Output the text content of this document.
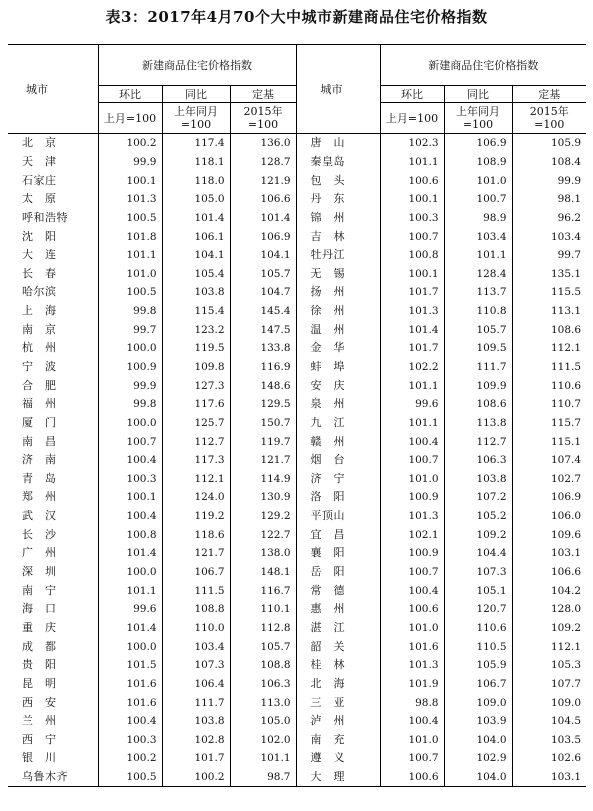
表3：2017年4月70个大中城市新建商品住宅价格指数
城市	新建商品住宅价格指数			城市	新建商品住宅价格指数		
	环比	同比	定基		环比	同比	定基
	上月=100	上年同月=100	2015年=100		上月=100	上年同月=100	2015年=100
北　京	100.2	117.4	136.0	唐　山	102.3	106.9	105.9
天　津	99.9	118.1	128.7	秦皇岛	101.1	108.9	108.4
石家庄	100.1	118.0	121.9	包　头	100.6	101.0	99.9
太　原	101.3	105.0	106.6	丹　东	100.1	100.7	98.1
呼和浩特	100.5	101.4	101.4	锦　州	100.3	98.9	96.2
沈　阳	101.8	106.1	106.9	吉　林	100.7	103.4	103.4
大　连	101.1	104.1	104.1	牡丹江	100.8	101.1	99.7
长　春	101.0	105.4	105.7	无　锡	100.1	128.4	135.1
哈尔滨	100.5	103.8	104.7	扬　州	101.7	113.7	115.5
上　海	99.8	115.4	145.4	徐　州	101.3	110.8	113.1
南　京	99.7	123.2	147.5	温　州	101.4	105.7	108.6
杭　州	100.0	119.5	133.8	金　华	101.7	109.5	112.1
宁　波	100.9	109.8	116.9	蚌　埠	102.2	111.7	111.5
合　肥	99.9	127.3	148.6	安　庆	101.1	109.9	110.6
福　州	99.8	117.6	129.5	泉　州	99.6	108.6	110.7
厦　门	100.0	125.7	150.7	九　江	101.1	113.8	115.7
南　昌	100.7	112.7	119.7	赣　州	100.4	112.7	115.1
济　南	100.4	117.3	121.7	烟　台	100.7	106.3	107.4
青　岛	100.3	112.1	114.9	济　宁	101.0	103.8	102.7
郑　州	100.1	124.0	130.9	洛　阳	100.9	107.2	106.9
武　汉	100.4	119.2	129.2	平顶山	101.3	105.2	106.0
长　沙	100.8	118.6	122.7	宜　昌	102.1	109.2	109.6
广　州	101.4	121.7	138.0	襄　阳	100.9	104.4	103.1
深　圳	100.0	106.7	148.1	岳　阳	100.7	107.3	106.6
南　宁	101.1	111.5	116.7	常　德	100.4	105.1	104.2
海　口	99.6	108.8	110.1	惠　州	100.6	120.7	128.0
重　庆	101.4	110.0	112.8	湛　江	101.0	110.6	109.2
成　都	100.0	103.4	105.7	韶　关	101.6	110.5	112.1
贵　阳	101.5	107.3	108.8	桂　林	101.3	105.9	105.3
昆　明	101.6	106.4	106.3	北　海	101.9	106.7	107.7
西　安	101.6	111.7	113.0	三　亚	98.8	109.0	109.0
兰　州	100.4	103.8	105.0	泸　州	100.4	103.9	104.5
西　宁	100.3	102.8	102.0	南　充	101.0	104.0	103.5
银　川	100.2	101.7	101.1	遵　义	100.7	102.9	102.6
乌鲁木齐	100.5	100.2	98.7	大　理	100.6	104.0	103.1
